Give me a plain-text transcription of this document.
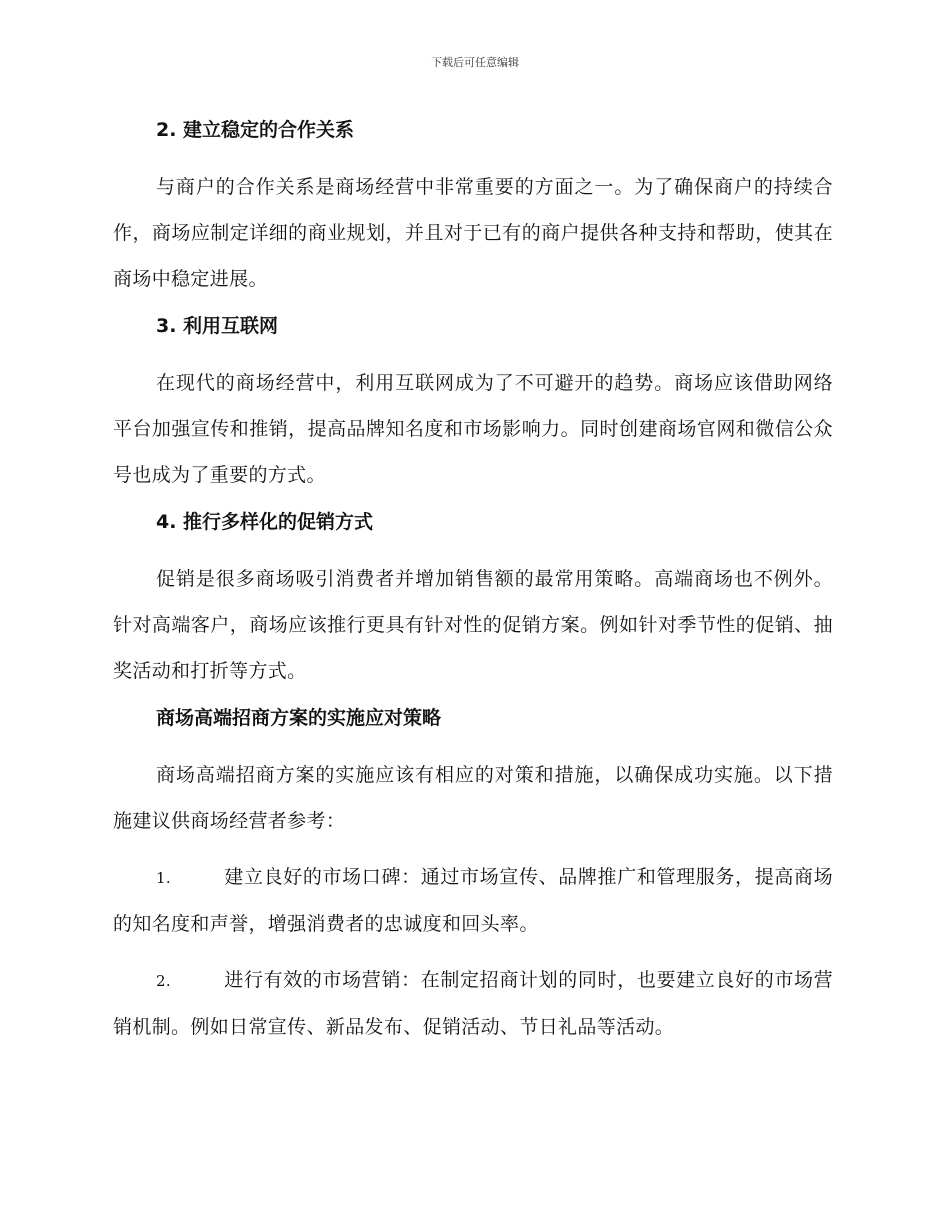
下载后可任意编辑
2. 建立稳定的合作关系

与商户的合作关系是商场经营中非常重要的方面之一。为了确保商户的持续合作，商场应制定详细的商业规划，并且对于已有的商户提供各种支持和帮助，使其在商场中稳定进展。

3. 利用互联网

在现代的商场经营中，利用互联网成为了不可避开的趋势。商场应该借助网络平台加强宣传和推销，提高品牌知名度和市场影响力。同时创建商场官网和微信公众号也成为了重要的方式。

4. 推行多样化的促销方式

促销是很多商场吸引消费者并增加销售额的最常用策略。高端商场也不例外。针对高端客户，商场应该推行更具有针对性的促销方案。例如针对季节性的促销、抽奖活动和打折等方式。

商场高端招商方案的实施应对策略

商场高端招商方案的实施应该有相应的对策和措施，以确保成功实施。以下措施建议供商场经营者参考：

1.	建立良好的市场口碑：通过市场宣传、品牌推广和管理服务，提高商场的知名度和声誉，增强消费者的忠诚度和回头率。

2.	进行有效的市场营销：在制定招商计划的同时，也要建立良好的市场营销机制。例如日常宣传、新品发布、促销活动、节日礼品等活动。
